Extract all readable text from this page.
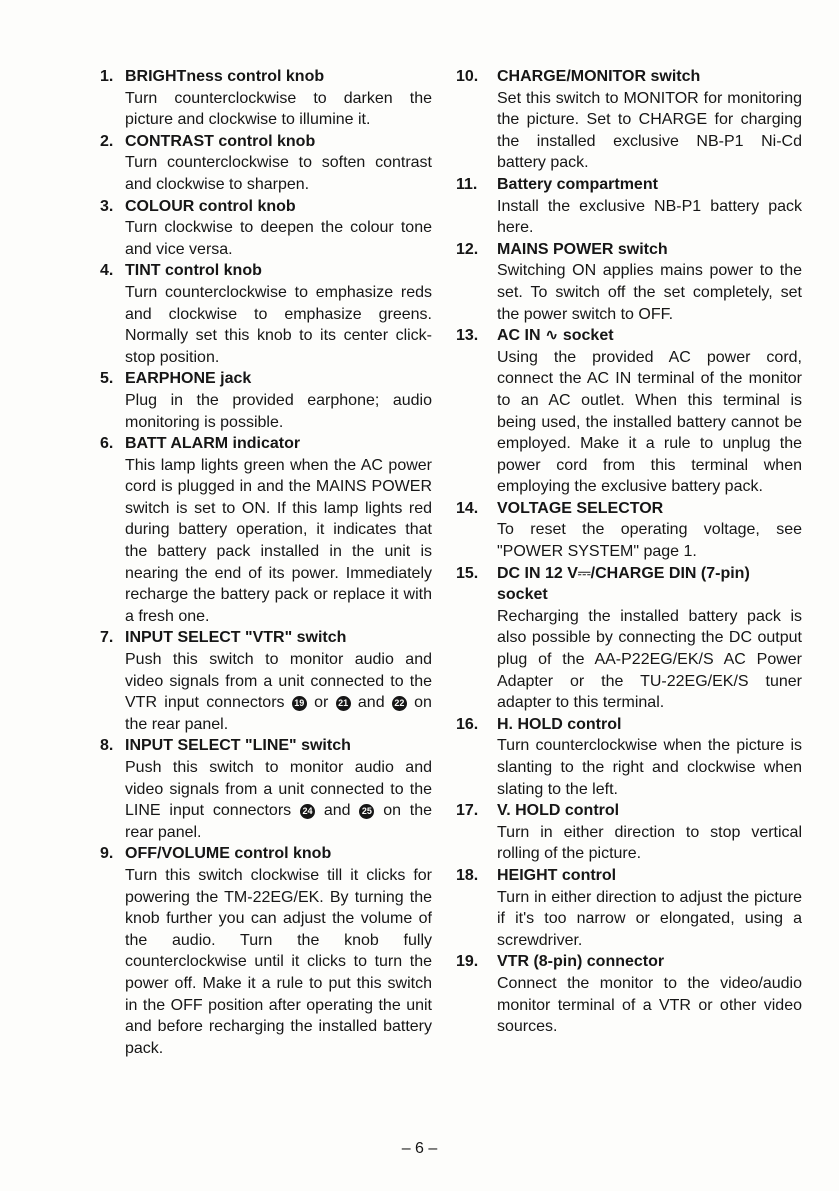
1. BRIGHTness control knob

Turn counterclockwise to darken the picture and clockwise to illumine it.

2. CONTRAST control knob

Turn counterclockwise to soften contrast and clockwise to sharpen.

3. COLOUR control knob

Turn clockwise to deepen the colour tone and vice versa.

4. TINT control knob

Turn counterclockwise to emphasize reds and clockwise to emphasize greens. Normally set this knob to its center click-stop position.

5. EARPHONE jack

Plug in the provided earphone; audio monitoring is possible.

6. BATT ALARM indicator

This lamp lights green when the AC power cord is plugged in and the MAINS POWER switch is set to ON. If this lamp lights red during battery operation, it indicates that the battery pack installed in the unit is nearing the end of its power. Immediately recharge the battery pack or replace it with a fresh one.

7. INPUT SELECT "VTR" switch

Push this switch to monitor audio and video signals from a unit connected to the VTR input connectors 19 or 21 and 22 on the rear panel.

8. INPUT SELECT "LINE" switch

Push this switch to monitor audio and video signals from a unit connected to the LINE input connectors 24 and 25 on the rear panel.

9. OFF/VOLUME control knob

Turn this switch clockwise till it clicks for powering the TM-22EG/EK. By turning the knob further you can adjust the volume of the audio. Turn the knob fully counterclockwise until it clicks to turn the power off. Make it a rule to put this switch in the OFF position after operating the unit and before recharging the installed battery pack.

10.	CHARGE/MONITOR switch

Set this switch to MONITOR for monitoring the picture. Set to CHARGE for charging the installed exclusive NB-P1 Ni-Cd battery pack.

11.	Battery compartment

Install the exclusive NB-P1 battery pack here.

12.	MAINS POWER switch

Switching ON applies mains power to the set. To switch off the set completely, set the power switch to OFF.

13.	AC IN ∿ socket

Using the provided AC power cord, connect the AC IN terminal of the monitor to an AC outlet. When this terminal is being used, the installed battery cannot be employed. Make it a rule to unplug the power cord from this terminal when employing the exclusive battery pack.

14.	VOLTAGE SELECTOR

To reset the operating voltage, see "POWER SYSTEM" page 1.

15.	DC IN 12 V⎓/CHARGE DIN (7-pin) socket

Recharging the installed battery pack is also possible by connecting the DC output plug of the AA-P22EG/EK/S AC Power Adapter or the TU-22EG/EK/S tuner adapter to this terminal.

16.	H. HOLD control

Turn counterclockwise when the picture is slanting to the right and clockwise when slating to the left.

17.	V. HOLD control

Turn in either direction to stop vertical rolling of the picture.

18.	HEIGHT control

Turn in either direction to adjust the picture if it's too narrow or elongated, using a screwdriver.

19.	VTR (8-pin) connector

Connect the monitor to the video/audio monitor terminal of a VTR or other video sources.

– 6 –
